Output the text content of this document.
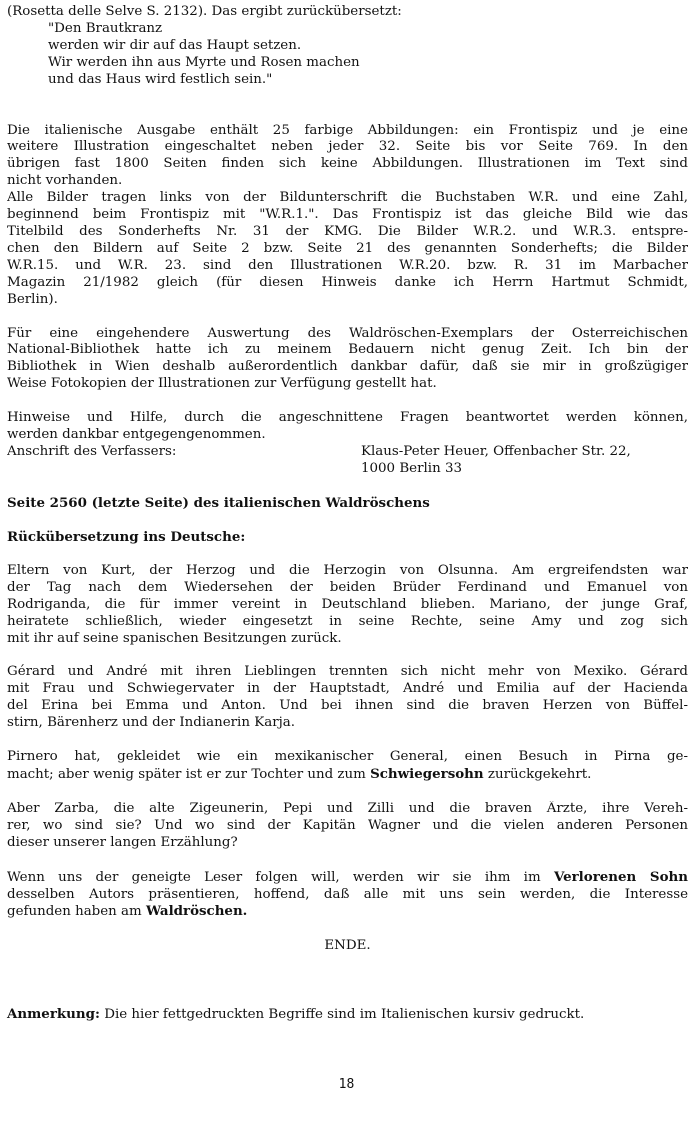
(Rosetta delle Selve S. 2132). Das ergibt zurückübersetzt:

"Den Brautkranz
werden wir dir auf das Haupt setzen.
Wir werden ihn aus Myrte und Rosen machen
und das Haus wird festlich sein."

Die italienische Ausgabe enthält 25 farbige Abbildungen: ein Frontispiz und je eine
weitere Illustration eingeschaltet neben jeder 32. Seite bis vor Seite 769. In den
übrigen fast 1800 Seiten finden sich keine Abbildungen. Illustrationen im Text sind
nicht vorhanden.

Alle Bilder tragen links von der Bildunterschrift die Buchstaben W.R. und eine Zahl,
beginnend beim Frontispiz mit "W.R.1.". Das Frontispiz ist das gleiche Bild wie das
Titelbild des Sonderhefts Nr. 31 der KMG. Die Bilder W.R.2. und W.R.3. entspre-
chen den Bildern auf Seite 2 bzw. Seite 21 des genannten Sonderhefts; die Bilder
W.R.15. und W.R. 23. sind den Illustrationen W.R.20. bzw. R. 31 im Marbacher
Magazin 21/1982 gleich (für diesen Hinweis danke ich Herrn Hartmut Schmidt,
Berlin).

Für eine eingehendere Auswertung des Waldröschen-Exemplars der Österreichischen
National-Bibliothek hatte ich zu meinem Bedauern nicht genug Zeit. Ich bin der
Bibliothek in Wien deshalb außerordentlich dankbar dafür, daß sie mir in großzügiger
Weise Fotokopien der Illustrationen zur Verfügung gestellt hat.

Hinweise und Hilfe, durch die angeschnittene Fragen beantwortet werden können,
werden dankbar entgegengenommen.

Anschrift des Verfassers:	Klaus-Peter Heuer, Offenbacher Str. 22,
1000 Berlin 33

Seite 2560 (letzte Seite) des italienischen Waldröschens

Rückübersetzung ins Deutsche:

Eltern von Kurt, der Herzog und die Herzogin von Olsunna. Am ergreifendsten war
der Tag nach dem Wiedersehen der beiden Brüder Ferdinand und Emanuel von
Rodriganda, die für immer vereint in Deutschland blieben. Mariano, der junge Graf,
heiratete schließlich, wieder eingesetzt in seine Rechte, seine Amy und zog sich
mit ihr auf seine spanischen Besitzungen zurück.

Gérard und André mit ihren Lieblingen trennten sich nicht mehr von Mexiko. Gérard
mit Frau und Schwiegervater in der Hauptstadt, André und Emilia auf der Hacienda
del Erina bei Emma und Anton. Und bei ihnen sind die braven Herzen von Büffel-
stirn, Bärenherz und der Indianerin Karja.

Pirnero hat, gekleidet wie ein mexikanischer General, einen Besuch in Pirna ge-
macht; aber wenig später ist er zur Tochter und zum Schwiegersohn zurückgekehrt.

Aber Zarba, die alte Zigeunerin, Pepi und Zilli und die braven Ärzte, ihre Vereh-
rer, wo sind sie? Und wo sind der Kapitän Wagner und die vielen anderen Personen
dieser unserer langen Erzählung?

Wenn uns der geneigte Leser folgen will, werden wir sie ihm im Verlorenen Sohn
desselben Autors präsentieren, hoffend, daß alle mit uns sein werden, die Interesse
gefunden haben am Waldröschen.

ENDE.

Anmerkung: Die hier fettgedruckten Begriffe sind im Italienischen kursiv gedruckt.

18
